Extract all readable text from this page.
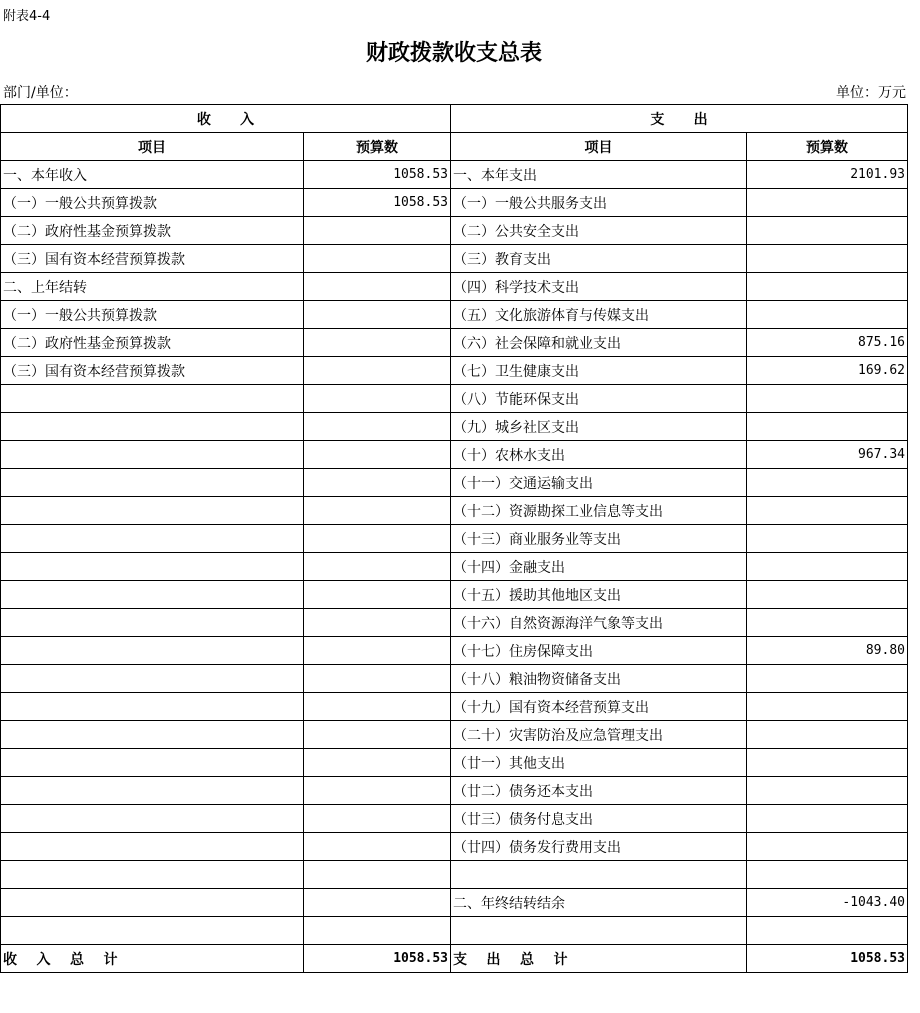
附表4-4
财政拨款收支总表
部门/单位：	单位：万元
收      入		支      出	
项目	预算数	项目	预算数
一、本年收入	1058.53	一、本年支出	2101.93
（一）一般公共预算拨款	1058.53	（一）一般公共服务支出	
（二）政府性基金预算拨款		（二）公共安全支出	
（三）国有资本经营预算拨款		（三）教育支出	
二、上年结转		（四）科学技术支出	
（一）一般公共预算拨款		（五）文化旅游体育与传媒支出	
（二）政府性基金预算拨款		（六）社会保障和就业支出	875.16
（三）国有资本经营预算拨款		（七）卫生健康支出	169.62
		（八）节能环保支出	
		（九）城乡社区支出	
		（十）农林水支出	967.34
		（十一）交通运输支出	
		（十二）资源勘探工业信息等支出	
		（十三）商业服务业等支出	
		（十四）金融支出	
		（十五）援助其他地区支出	
		（十六）自然资源海洋气象等支出	
		（十七）住房保障支出	89.80
		（十八）粮油物资储备支出	
		（十九）国有资本经营预算支出	
		（二十）灾害防治及应急管理支出	
		（廿一）其他支出	
		（廿二）债务还本支出	
		（廿三）债务付息支出	
		（廿四）债务发行费用支出	

		二、年终结转结余	-1043.40

收    入    总    计	1058.53	支    出    总    计	1058.53
